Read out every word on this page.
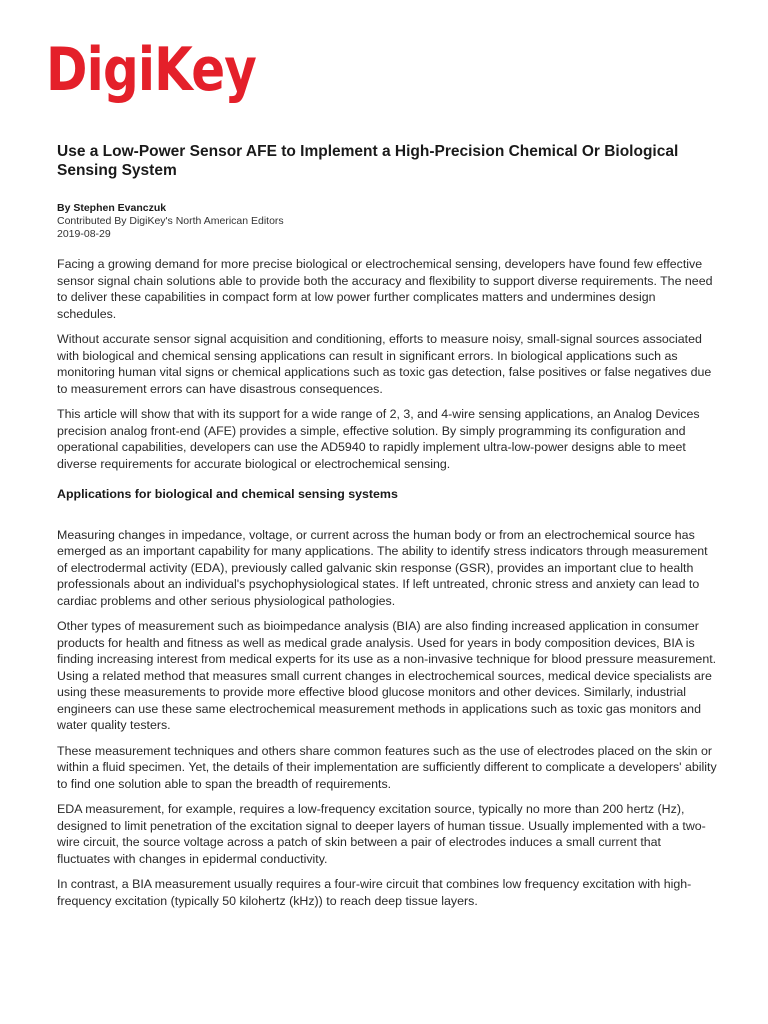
DigiKey
Use a Low-Power Sensor AFE to Implement a High-Precision Chemical Or Biological Sensing System
By Stephen Evanczuk
Contributed By DigiKey's North American Editors
2019-08-29

Facing a growing demand for more precise biological or electrochemical sensing, developers have found few effective sensor signal chain solutions able to provide both the accuracy and flexibility to support diverse requirements. The need to deliver these capabilities in compact form at low power further complicates matters and undermines design schedules.

Without accurate sensor signal acquisition and conditioning, efforts to measure noisy, small-signal sources associated with biological and chemical sensing applications can result in significant errors. In biological applications such as monitoring human vital signs or chemical applications such as toxic gas detection, false positives or false negatives due to measurement errors can have disastrous consequences.

This article will show that with its support for a wide range of 2, 3, and 4-wire sensing applications, an Analog Devices precision analog front-end (AFE) provides a simple, effective solution. By simply programming its configuration and operational capabilities, developers can use the AD5940 to rapidly implement ultra-low-power designs able to meet diverse requirements for accurate biological or electrochemical sensing.

Applications for biological and chemical sensing systems

Measuring changes in impedance, voltage, or current across the human body or from an electrochemical source has emerged as an important capability for many applications. The ability to identify stress indicators through measurement of electrodermal activity (EDA), previously called galvanic skin response (GSR), provides an important clue to health professionals about an individual's psychophysiological states. If left untreated, chronic stress and anxiety can lead to cardiac problems and other serious physiological pathologies.

Other types of measurement such as bioimpedance analysis (BIA) are also finding increased application in consumer products for health and fitness as well as medical grade analysis. Used for years in body composition devices, BIA is finding increasing interest from medical experts for its use as a non-invasive technique for blood pressure measurement. Using a related method that measures small current changes in electrochemical sources, medical device specialists are using these measurements to provide more effective blood glucose monitors and other devices. Similarly, industrial engineers can use these same electrochemical measurement methods in applications such as toxic gas monitors and water quality testers.

These measurement techniques and others share common features such as the use of electrodes placed on the skin or within a fluid specimen. Yet, the details of their implementation are sufficiently different to complicate a developers' ability to find one solution able to span the breadth of requirements.

EDA measurement, for example, requires a low-frequency excitation source, typically no more than 200 hertz (Hz), designed to limit penetration of the excitation signal to deeper layers of human tissue. Usually implemented with a two-wire circuit, the source voltage across a patch of skin between a pair of electrodes induces a small current that fluctuates with changes in epidermal conductivity.

In contrast, a BIA measurement usually requires a four-wire circuit that combines low frequency excitation with high-frequency excitation (typically 50 kilohertz (kHz)) to reach deep tissue layers.
